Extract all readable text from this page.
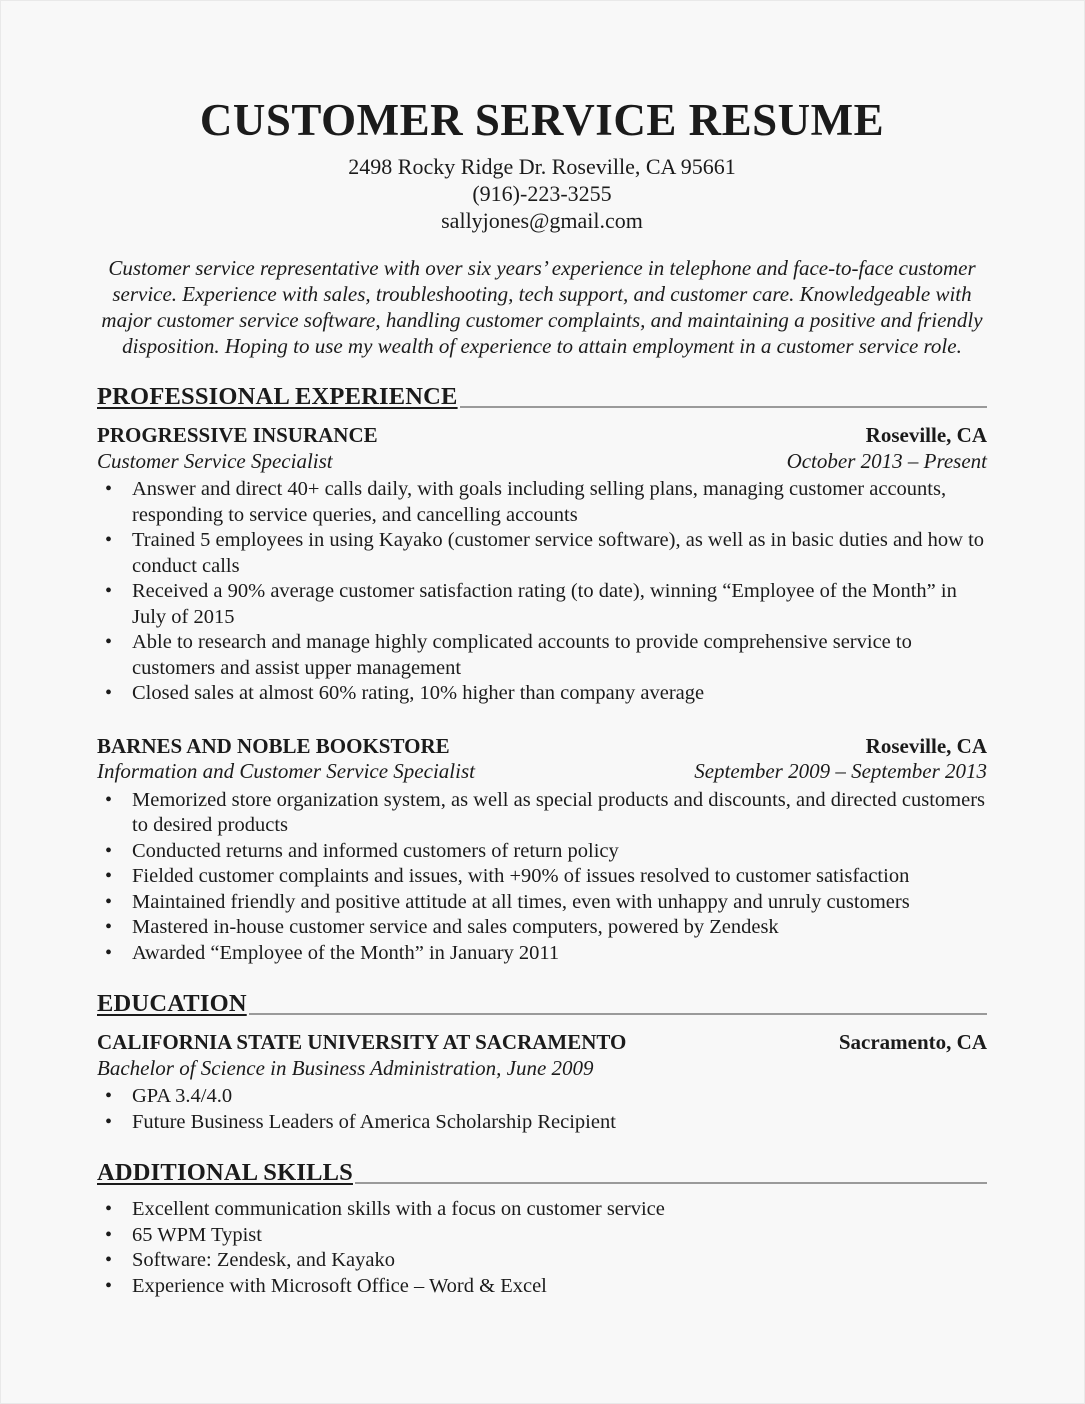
CUSTOMER SERVICE RESUME
2498 Rocky Ridge Dr. Roseville, CA 95661
(916)-223-3255
sallyjones@gmail.com

Customer service representative with over six years’ experience in telephone and face-to-face customer service. Experience with sales, troubleshooting, tech support, and customer care. Knowledgeable with major customer service software, handling customer complaints, and maintaining a positive and friendly disposition. Hoping to use my wealth of experience to attain employment in a customer service role.

PROFESSIONAL EXPERIENCE
PROGRESSIVE INSURANCE	Roseville, CA
Customer Service Specialist	October 2013 – Present
• Answer and direct 40+ calls daily, with goals including selling plans, managing customer accounts, responding to service queries, and cancelling accounts
• Trained 5 employees in using Kayako (customer service software), as well as in basic duties and how to conduct calls
• Received a 90% average customer satisfaction rating (to date), winning “Employee of the Month” in July of 2015
• Able to research and manage highly complicated accounts to provide comprehensive service to customers and assist upper management
• Closed sales at almost 60% rating, 10% higher than company average
BARNES AND NOBLE BOOKSTORE	Roseville, CA
Information and Customer Service Specialist	September 2009 – September 2013
• Memorized store organization system, as well as special products and discounts, and directed customers to desired products
• Conducted returns and informed customers of return policy
• Fielded customer complaints and issues, with +90% of issues resolved to customer satisfaction
• Maintained friendly and positive attitude at all times, even with unhappy and unruly customers
• Mastered in-house customer service and sales computers, powered by Zendesk
• Awarded “Employee of the Month” in January 2011
EDUCATION
CALIFORNIA STATE UNIVERSITY AT SACRAMENTO	Sacramento, CA
Bachelor of Science in Business Administration, June 2009
• GPA 3.4/4.0
• Future Business Leaders of America Scholarship Recipient
ADDITIONAL SKILLS
• Excellent communication skills with a focus on customer service
• 65 WPM Typist
• Software: Zendesk, and Kayako
• Experience with Microsoft Office – Word & Excel
